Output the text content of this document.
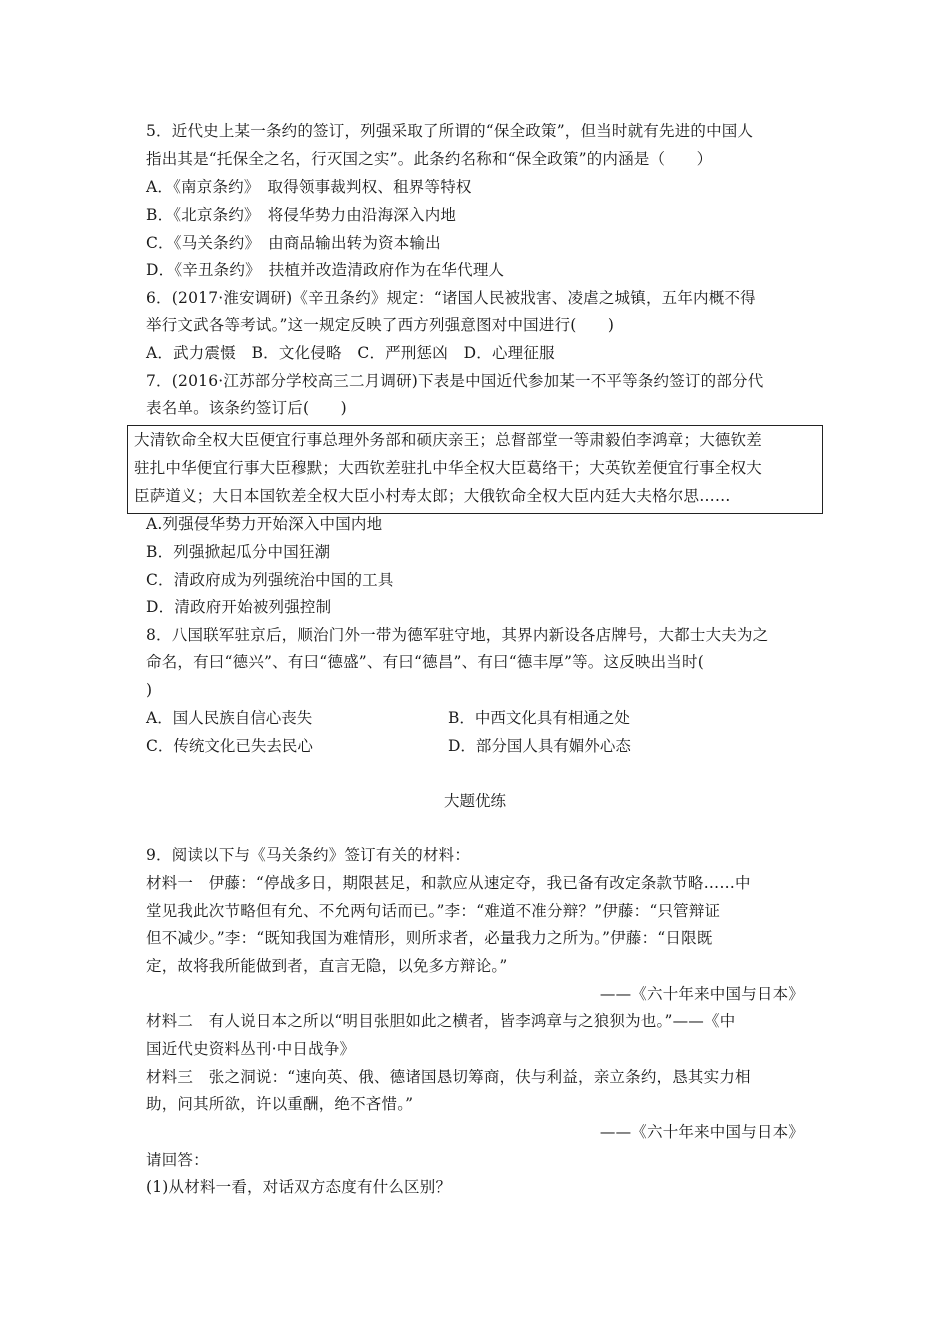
5．近代史上某一条约的签订，列强采取了所谓的“保全政策”，但当时就有先进的中国人
指出其是“托保全之名，行灭国之实”。此条约名称和“保全政策”的内涵是（　　）
A．《南京条约》　取得领事裁判权、租界等特权
B．《北京条约》　将侵华势力由沿海深入内地
C．《马关条约》　由商品输出转为资本输出
D．《辛丑条约》　扶植并改造清政府作为在华代理人
6．(2017·淮安调研)《辛丑条约》规定：“诸国人民被戕害、凌虐之城镇，五年内概不得
举行文武各等考试。”这一规定反映了西方列强意图对中国进行(　　)
A．武力震慑　B．文化侵略　C．严刑惩凶　D．心理征服
7．(2016·江苏部分学校高三二月调研)下表是中国近代参加某一不平等条约签订的部分代
表名单。该条约签订后(　　)
大清钦命全权大臣便宜行事总理外务部和硕庆亲王；总督部堂一等肃毅伯李鸿章；大德钦差
驻扎中华便宜行事大臣穆默；大西钦差驻扎中华全权大臣葛络干；大英钦差便宜行事全权大
臣萨道义；大日本国钦差全权大臣小村寿太郎；大俄钦命全权大臣内廷大夫格尔思……
A.列强侵华势力开始深入中国内地
B．列强掀起瓜分中国狂潮
C．清政府成为列强统治中国的工具
D．清政府开始被列强控制
8．八国联军驻京后，顺治门外一带为德军驻守地，其界内新设各店牌号，大都士大夫为之
命名，有曰“德兴”、有曰“德盛”、有曰“德昌”、有曰“德丰厚”等。这反映出当时(
)
A．国人民族自信心丧失	B．中西文化具有相通之处
C．传统文化已失去民心	D．部分国人具有媚外心态
大题优练
9．阅读以下与《马关条约》签订有关的材料：
材料一　伊藤：“停战多日，期限甚足，和款应从速定夺，我已备有改定条款节略……中
堂见我此次节略但有允、不允两句话而已。”李：“难道不准分辩？”伊藤：“只管辩证
但不减少。”李：“既知我国为难情形，则所求者，必量我力之所为。”伊藤：“日限既
定，故将我所能做到者，直言无隐，以免多方辩论。”
——《六十年来中国与日本》
材料二　有人说日本之所以“明目张胆如此之横者，皆李鸿章与之狼狈为也。”——《中
国近代史资料丛刊·中日战争》
材料三　张之洞说：“速向英、俄、德诸国恳切筹商，伕与利益，亲立条约，恳其实力相
助，问其所欲，许以重酬，绝不吝惜。”
——《六十年来中国与日本》
请回答：
(1)从材料一看，对话双方态度有什么区别？
